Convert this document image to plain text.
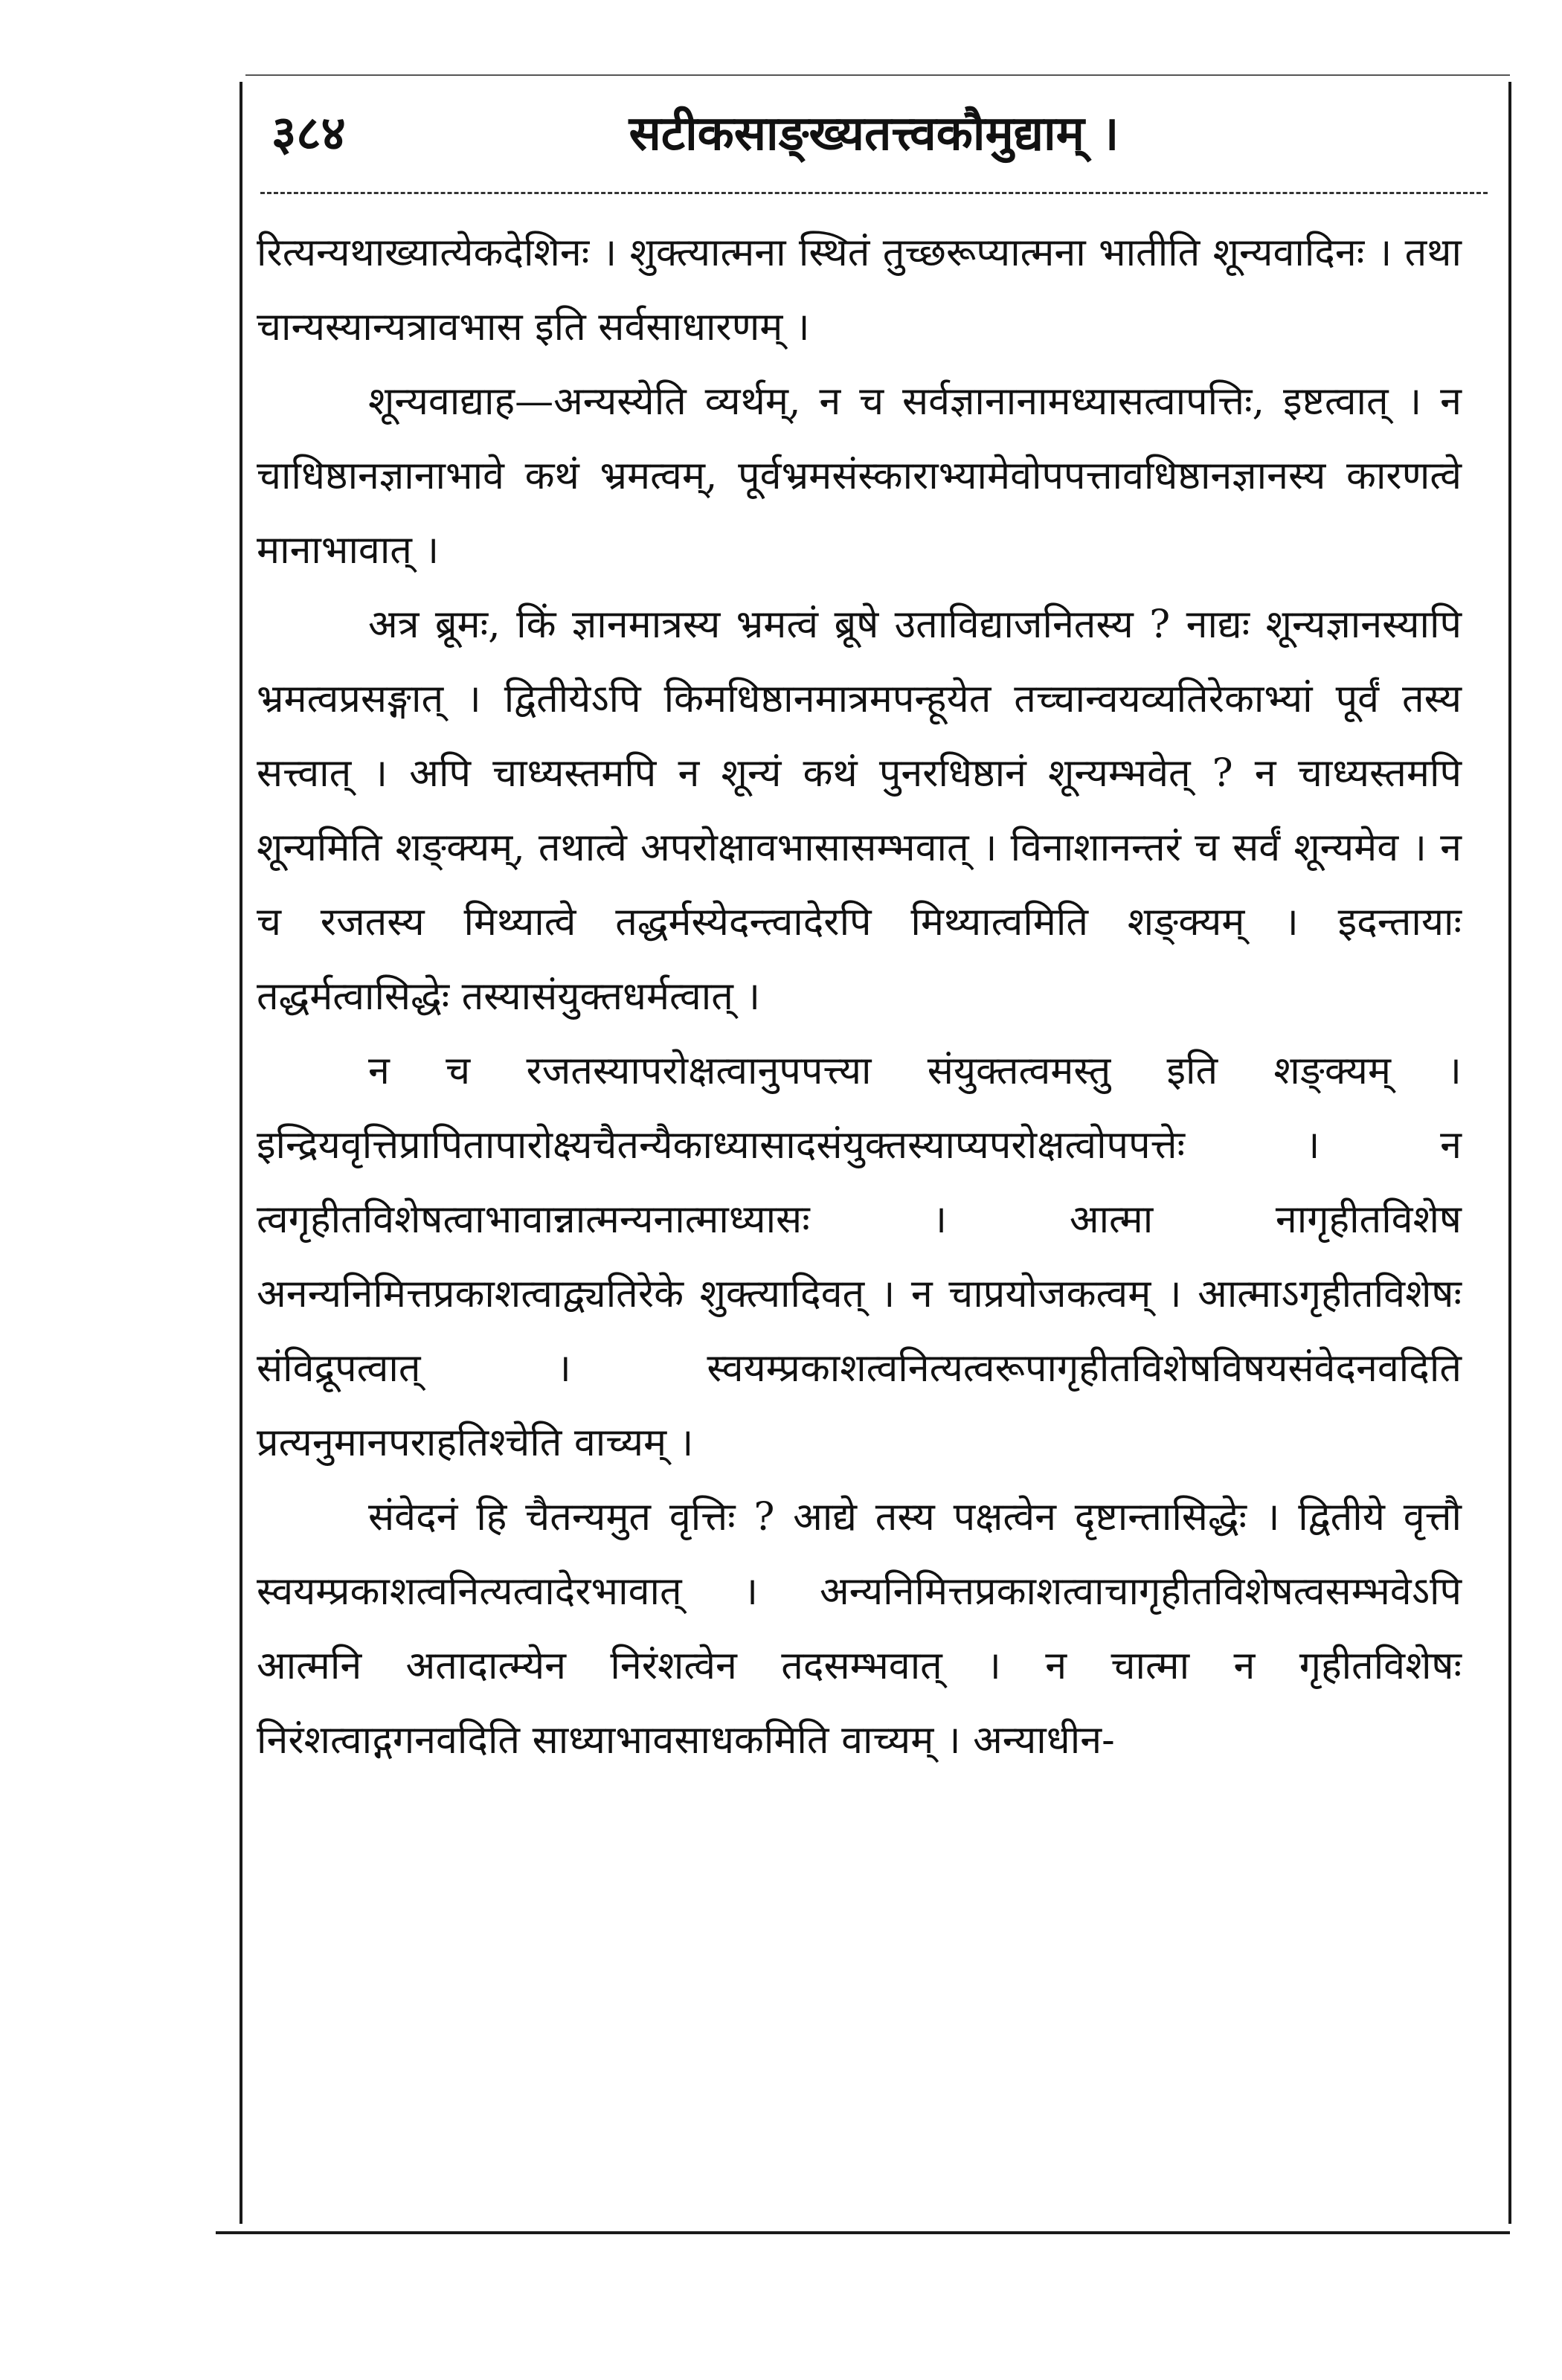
३८४	सटीकसाङ्ख्यतत्त्वकौमुद्याम् ।

रित्यन्यथाख्यात्येकदेशिनः । शुक्त्यात्मना स्थितं तुच्छरूप्यात्मना भातीति शून्यवादिनः । तथा चान्यस्यान्यत्रावभास इति सर्वसाधारणम् ।

शून्यवाद्याह—अन्यस्येति व्यर्थम्, न च सर्वज्ञानानामध्यासत्वापत्तिः, इष्टत्वात् । न चाधिष्ठानज्ञानाभावे कथं भ्रमत्वम्, पूर्वभ्रमसंस्काराभ्यामेवोपपत्तावधिष्ठानज्ञानस्य कारणत्वे मानाभावात् ।

अत्र ब्रूमः, किं ज्ञानमात्रस्य भ्रमत्वं ब्रूषे उताविद्याजनितस्य ? नाद्यः शून्यज्ञानस्यापि भ्रमत्वप्रसङ्गात् । द्वितीयेऽपि किमधिष्ठानमात्रमपन्हूयेत तच्चान्वयव्यतिरेकाभ्यां पूर्वं तस्य सत्त्वात् । अपि चाध्यस्तमपि न शून्यं कथं पुनरधिष्ठानं शून्यम्भवेत् ? न चाध्यस्तमपि शून्यमिति शङ्क्यम्, तथात्वे अपरोक्षावभासासम्भवात् । विनाशानन्तरं च सर्वं शून्यमेव । न च रजतस्य मिथ्यात्वे तद्धर्मस्येदन्त्वादेरपि मिथ्यात्वमिति शङ्क्यम् । इदन्तायाः तद्धर्मत्वासिद्धेः तस्यासंयुक्तधर्मत्वात् ।

न च रजतस्यापरोक्षत्वानुपपत्त्या संयुक्तत्वमस्तु इति शङ्क्यम् । इन्द्रियवृत्तिप्रापितापारोक्ष्यचैतन्यैकाध्यासादसंयुक्तस्याप्यपरोक्षत्वोपपत्तेः । न त्वगृहीतविशेषत्वाभावान्नात्मन्यनात्माध्यासः । आत्मा नागृहीतविशेष अनन्यनिमित्तप्रकाशत्वाद्व्यतिरेके शुक्त्यादिवत् । न चाप्रयोजकत्वम् । आत्माऽगृहीतविशेषः संविद्रूपत्वात् । स्वयम्प्रकाशत्वनित्यत्वरूपागृहीतविशेषविषयसंवेदनवदिति प्रत्यनुमानपराहतिश्चेति वाच्यम् ।

संवेदनं हि चैतन्यमुत वृत्तिः ? आद्ये तस्य पक्षत्वेन दृष्टान्तासिद्धेः । द्वितीये वृत्तौ स्वयम्प्रकाशत्वनित्यत्वादेरभावात् । अन्यनिमित्तप्रकाशत्वाचागृहीतविशेषत्वसम्भवेऽपि आत्मनि अतादात्म्येन निरंशत्वेन तदसम्भवात् । न चात्मा न गृहीतविशेषः निरंशत्वाद्गगनवदिति साध्याभावसाधकमिति वाच्यम् । अन्याधीन-
